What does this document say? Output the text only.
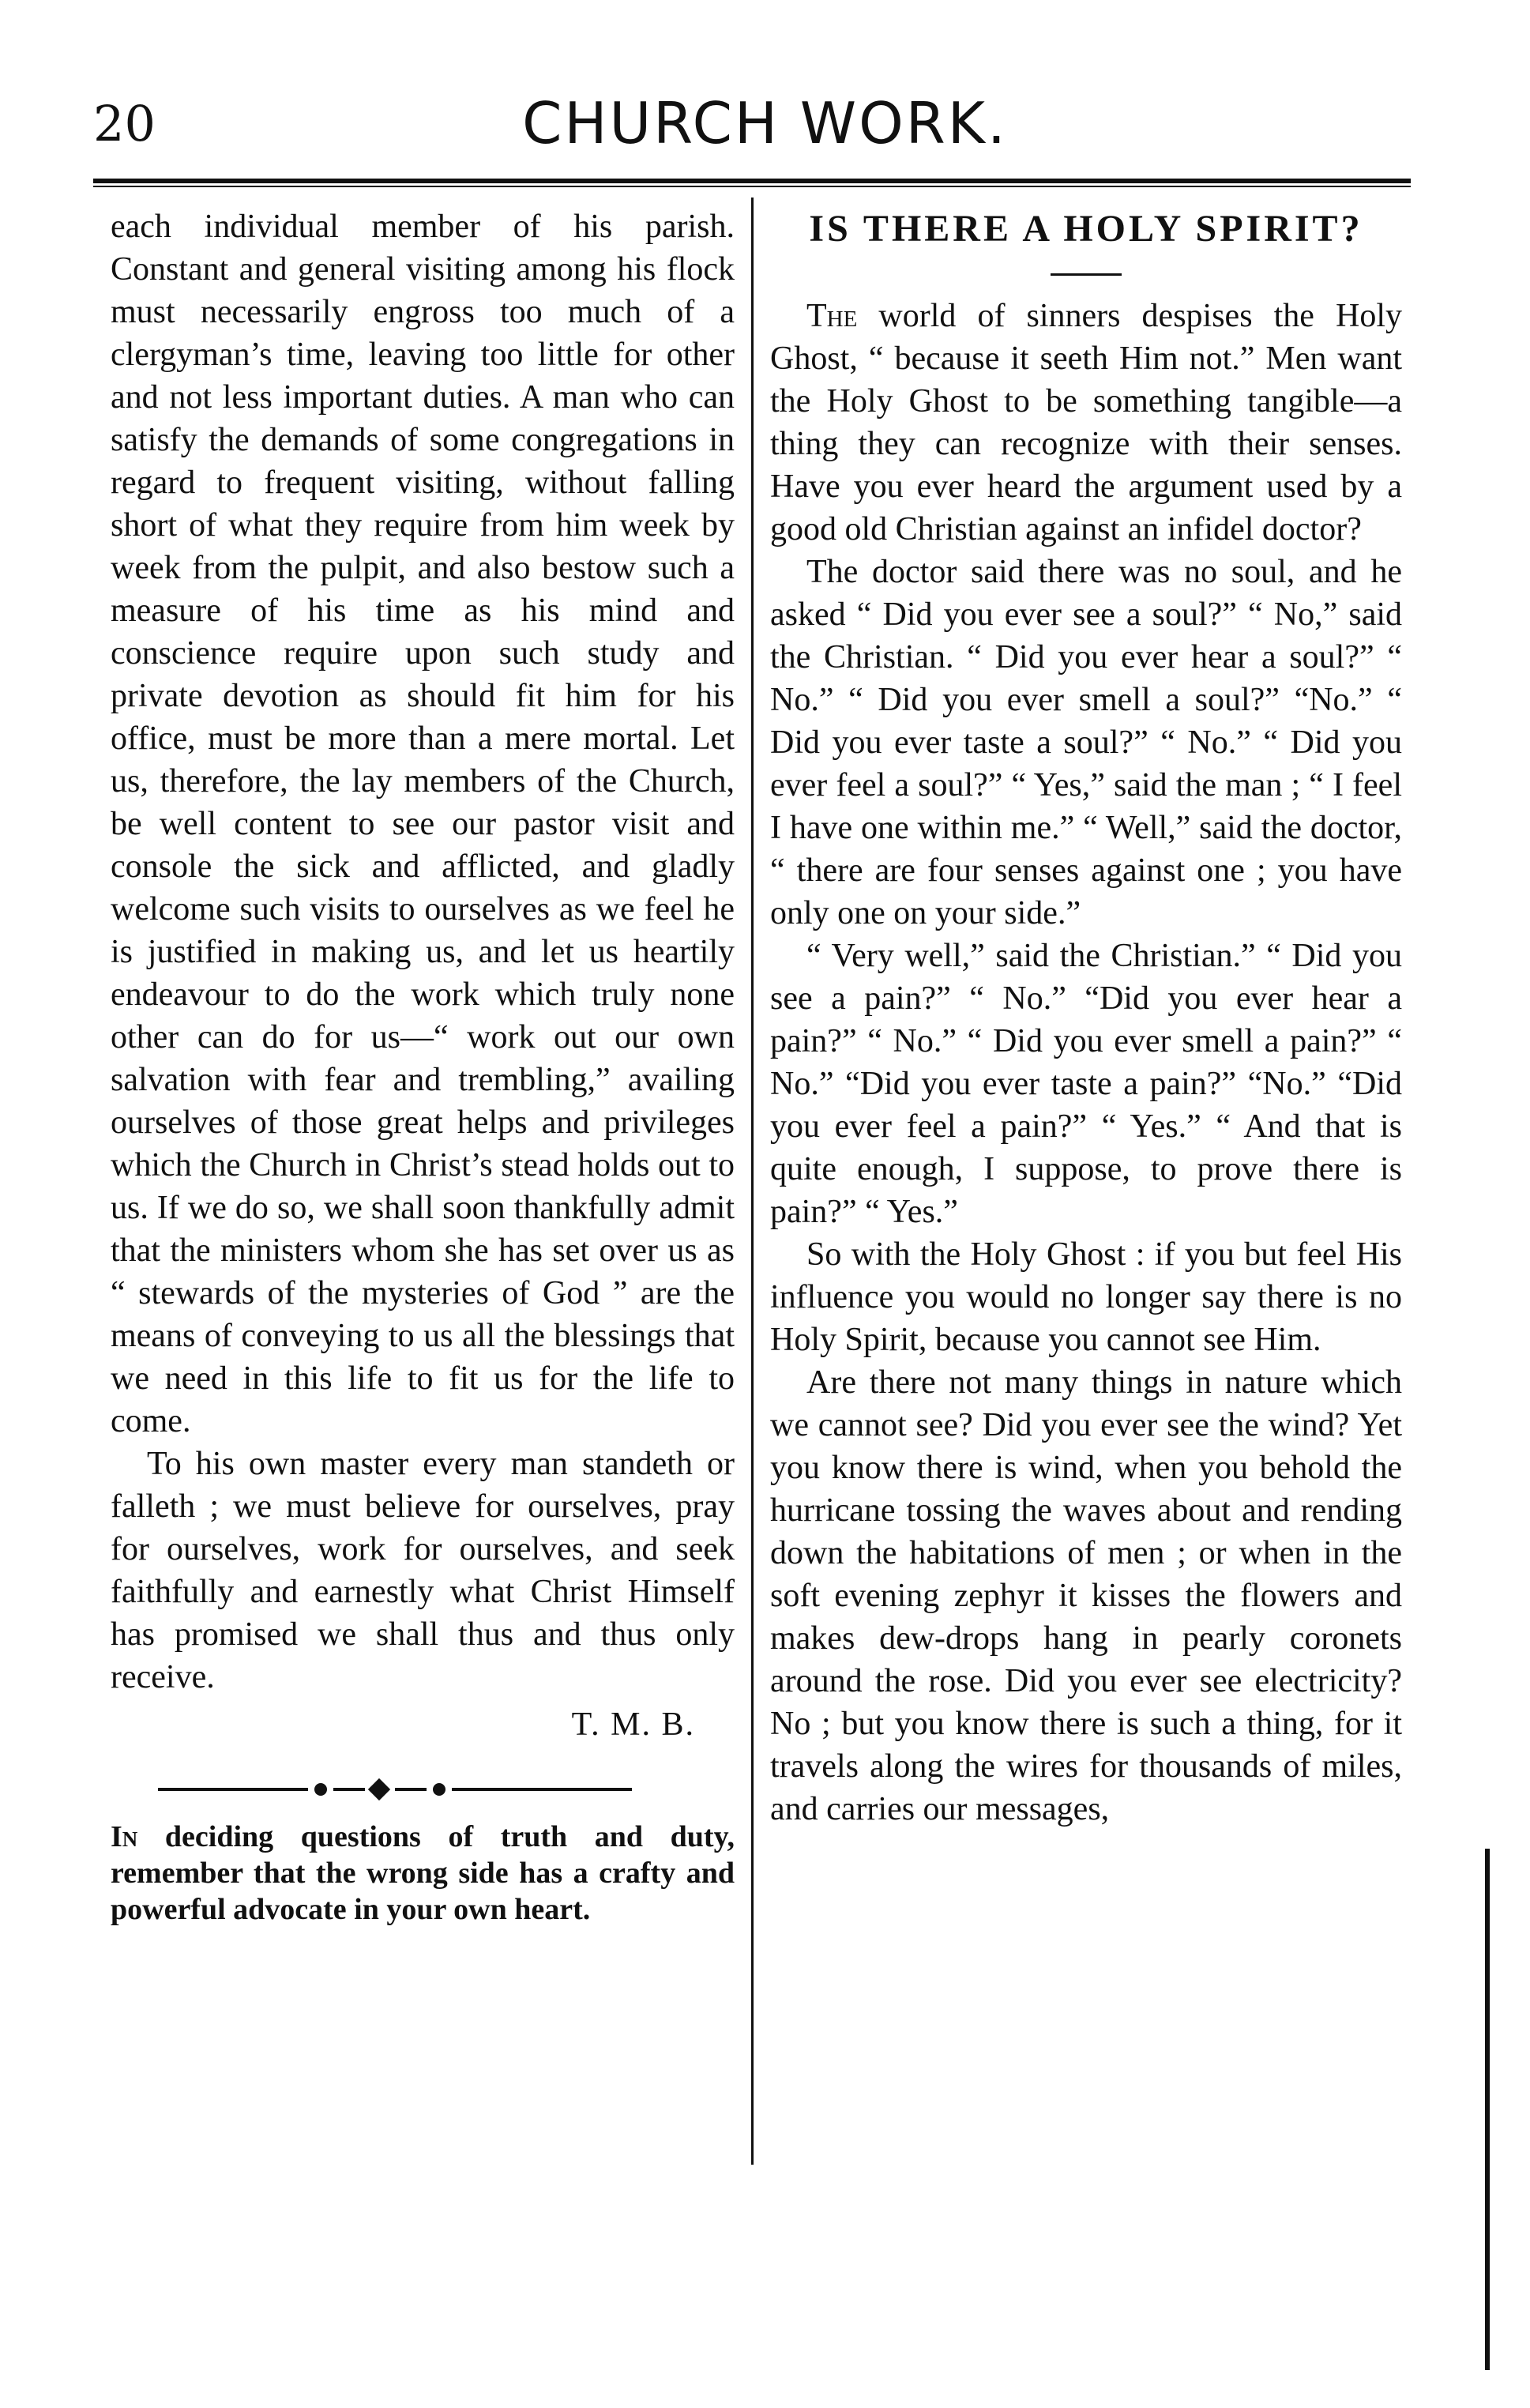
20	CHURCH WORK.

each individual member of his parish. Constant and general visiting among his flock must necessarily engross too much of a clergyman’s time, leaving too little for other and not less important duties. A man who can satisfy the demands of some congregations in regard to frequent visiting, without falling short of what they require from him week by week from the pulpit, and also bestow such a measure of his time as his mind and conscience require upon such study and private devotion as should fit him for his office, must be more than a mere mortal. Let us, therefore, the lay members of the Church, be well content to see our pastor visit and console the sick and afflicted, and gladly welcome such visits to ourselves as we feel he is justified in making us, and let us heartily endeavour to do the work which truly none other can do for us—“ work out our own salvation with fear and trembling,” availing ourselves of those great helps and privileges which the Church in Christ’s stead holds out to us. If we do so, we shall soon thankfully admit that the ministers whom she has set over us as “ stewards of the mysteries of God ” are the means of conveying to us all the blessings that we need in this life to fit us for the life to come.

To his own master every man standeth or falleth ; we must believe for ourselves, pray for ourselves, work for ourselves, and seek faithfully and earnestly what Christ Himself has promised we shall thus and thus only receive.

T. M. B.

In deciding questions of truth and duty, remember that the wrong side has a crafty and powerful advocate in your own heart.

IS THERE A HOLY SPIRIT?

The world of sinners despises the Holy Ghost, “ because it seeth Him not.” Men want the Holy Ghost to be something tangible—a thing they can recognize with their senses. Have you ever heard the argument used by a good old Christian against an infidel doctor?

The doctor said there was no soul, and he asked “ Did you ever see a soul?” “ No,” said the Christian. “ Did you ever hear a soul?” “ No.” “ Did you ever smell a soul?” “No.” “ Did you ever taste a soul?” “ No.” “ Did you ever feel a soul?” “ Yes,” said the man ; “ I feel I have one within me.” “ Well,” said the doctor, “ there are four senses against one ; you have only one on your side.”

“ Very well,” said the Christian.” “ Did you see a pain?” “ No.” “Did you ever hear a pain?” “ No.” “ Did you ever smell a pain?” “ No.” “Did you ever taste a pain?” “No.” “Did you ever feel a pain?” “ Yes.” “ And that is quite enough, I suppose, to prove there is pain?” “ Yes.”

So with the Holy Ghost : if you but feel His influence you would no longer say there is no Holy Spirit, because you cannot see Him.

Are there not many things in nature which we cannot see? Did you ever see the wind? Yet you know there is wind, when you behold the hurricane tossing the waves about and rending down the habitations of men ; or when in the soft evening zephyr it kisses the flowers and makes dew-drops hang in pearly coronets around the rose. Did you ever see electricity? No ; but you know there is such a thing, for it travels along the wires for thousands of miles, and carries our messages,
